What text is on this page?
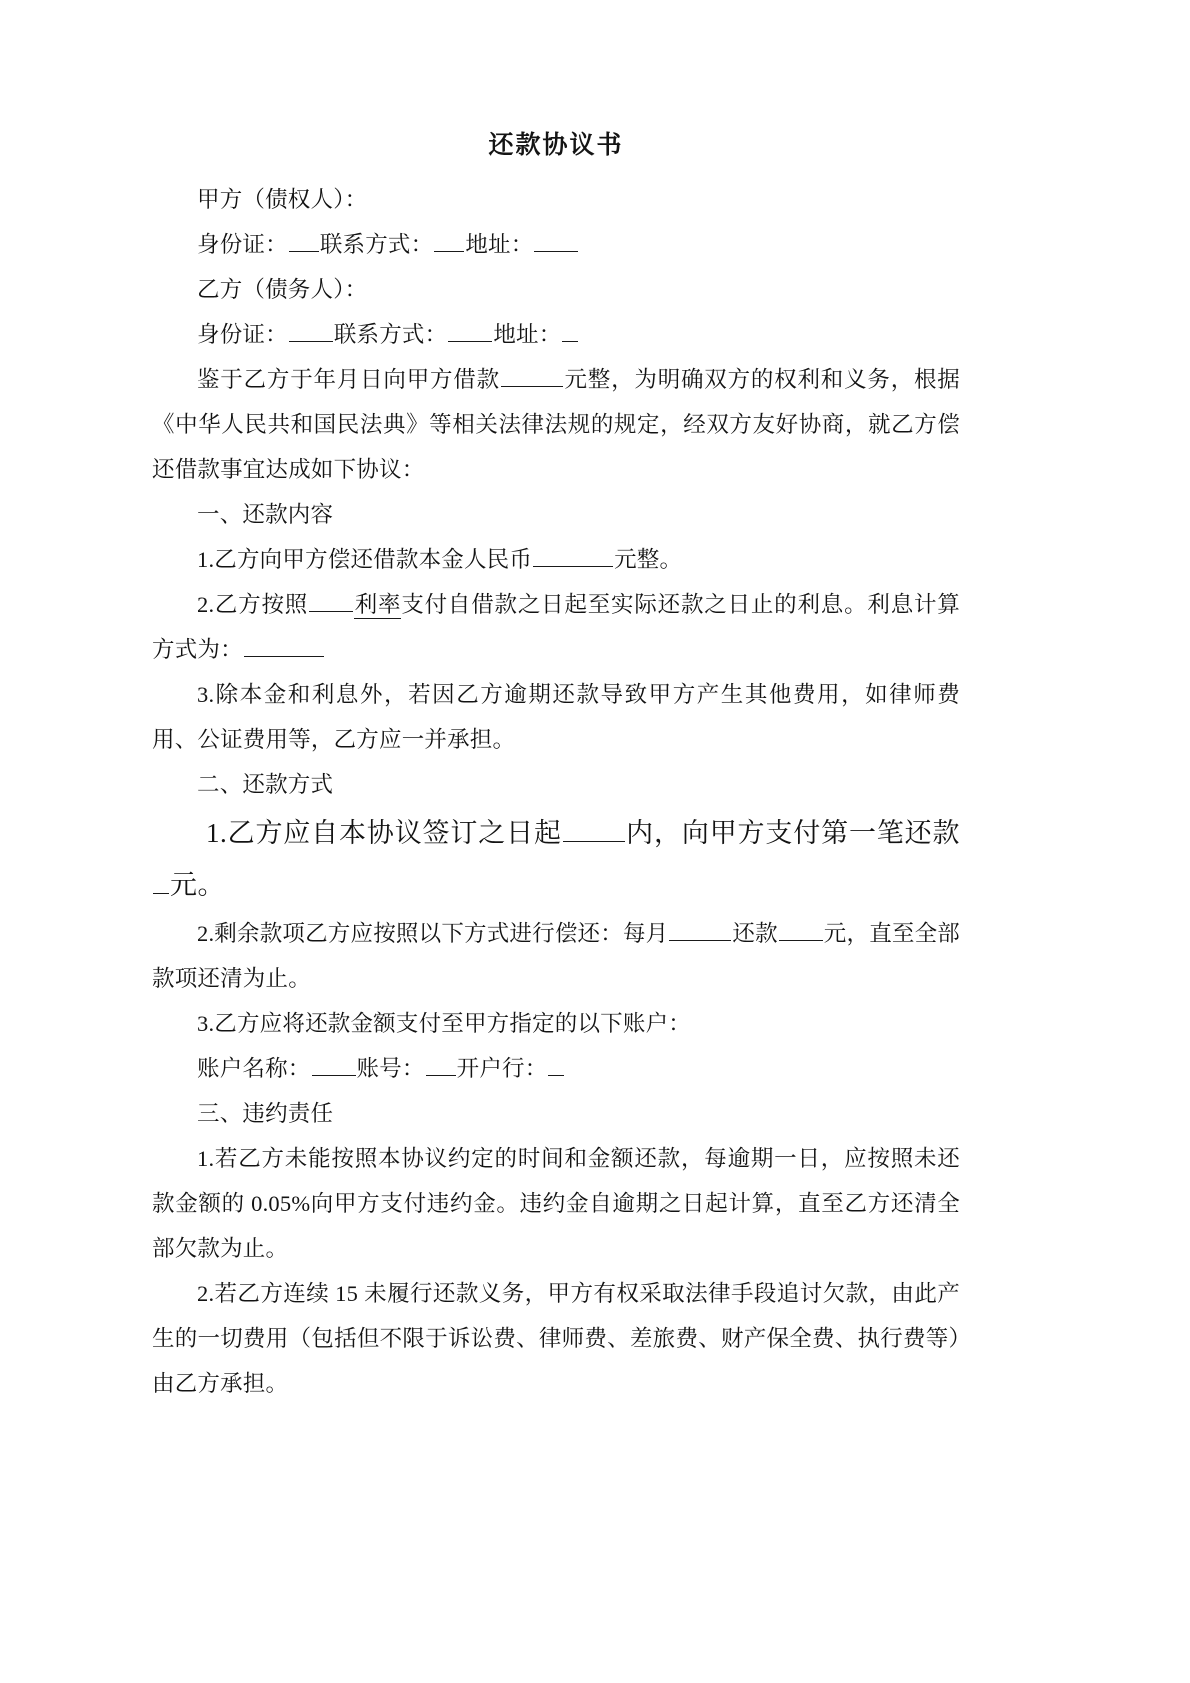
还款协议书

甲方（债权人）：

身份证： 联系方式： 地址：

乙方（债务人）：

身份证： 联系方式： 地址：

鉴于乙方于年月日向甲方借款	元整，为明确双方的权利和义务，根据《中华人民共和国民法典》等相关法律法规的规定，经双方友好协商，就乙方偿还借款事宜达成如下协议：

一、还款内容

1.乙方向甲方偿还借款本金人民币	元整。

2.乙方按照 利率支付自借款之日起至实际还款之日止的利息。利息计算方式为：

3.除本金和利息外，若因乙方逾期还款导致甲方产生其他费用，如律师费用、公证费用等，乙方应一并承担。

二、还款方式

1.乙方应自本协议签订之日起 内，向甲方支付第一笔还款元。

2.剩余款项乙方应按照以下方式进行偿还：每月	还款 元，直至全部款项还清为止。

3.乙方应将还款金额支付至甲方指定的以下账户：

账户名称： 账号： 开户行：

三、违约责任

1.若乙方未能按照本协议约定的时间和金额还款，每逾期一日，应按照未还款金额的 0.05%向甲方支付违约金。违约金自逾期之日起计算，直至乙方还清全部欠款为止。

2.若乙方连续 15 未履行还款义务，甲方有权采取法律手段追讨欠款，由此产生的一切费用（包括但不限于诉讼费、律师费、差旅费、财产保全费、执行费等）由乙方承担。
